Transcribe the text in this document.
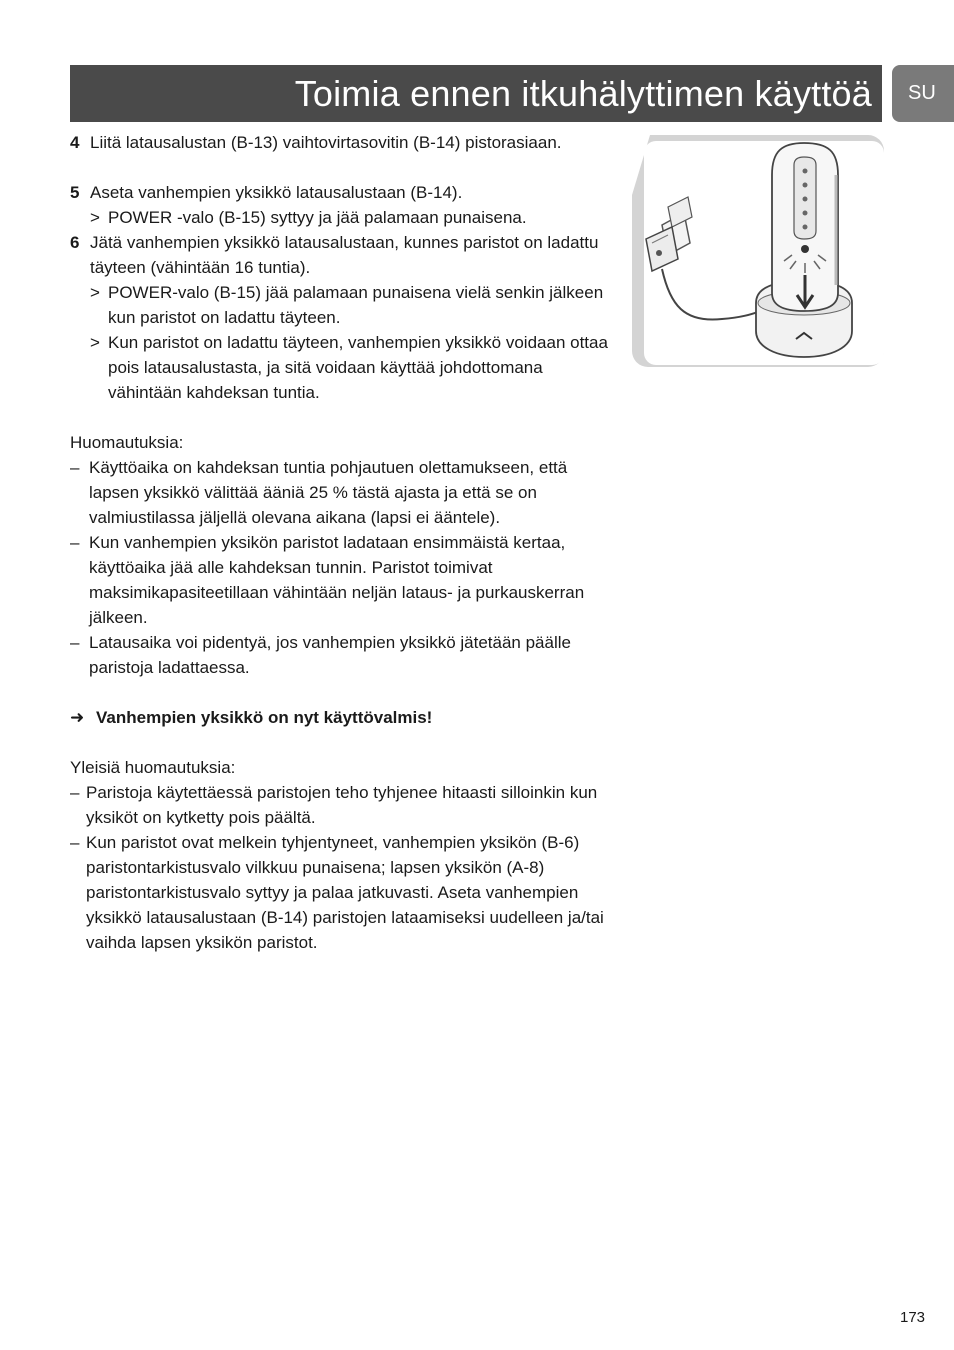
Toimia ennen itkuhälyttimen käyttöä	SU
4 Liitä latausalustan (B-13) vaihtovirtasovitin (B-14) pistorasiaan.
5 Aseta vanhempien yksikkö latausalustaan (B-14).
> POWER -valo (B-15) syttyy ja jää palamaan punaisena.
6 Jätä vanhempien yksikkö latausalustaan, kunnes paristot on ladattu täyteen (vähintään 16 tuntia).
> POWER-valo (B-15) jää palamaan punaisena vielä senkin jälkeen kun paristot on ladattu täyteen.
> Kun paristot on ladattu täyteen, vanhempien yksikkö voidaan ottaa pois latausalustasta, ja sitä voidaan käyttää johdottomana vähintään kahdeksan tuntia.
Huomautuksia:
– Käyttöaika on kahdeksan tuntia pohjautuen olettamukseen, että lapsen yksikkö välittää ääniä 25 % tästä ajasta ja että se on valmiustilassa jäljellä olevana aikana (lapsi ei ääntele).
– Kun vanhempien yksikön paristot ladataan ensimmäistä kertaa, käyttöaika jää alle kahdeksan tunnin. Paristot toimivat maksimikapasiteetillaan vähintään neljän lataus- ja purkauskerran jälkeen.
– Latausaika voi pidentyä, jos vanhempien yksikkö jätetään päälle paristoja ladattaessa.
➜ Vanhempien yksikkö on nyt käyttövalmis!
Yleisiä huomautuksia:
– Paristoja käytettäessä paristojen teho tyhjenee hitaasti silloinkin kun yksiköt on kytketty pois päältä.
– Kun paristot ovat melkein tyhjentyneet, vanhempien yksikön (B-6) paristontarkistusvalo vilkkuu punaisena; lapsen yksikön (A-8) paristontarkistusvalo syttyy ja palaa jatkuvasti. Aseta vanhempien yksikkö latausalustaan (B-14) paristojen lataamiseksi uudelleen ja/tai vaihda lapsen yksikön paristot.
173
